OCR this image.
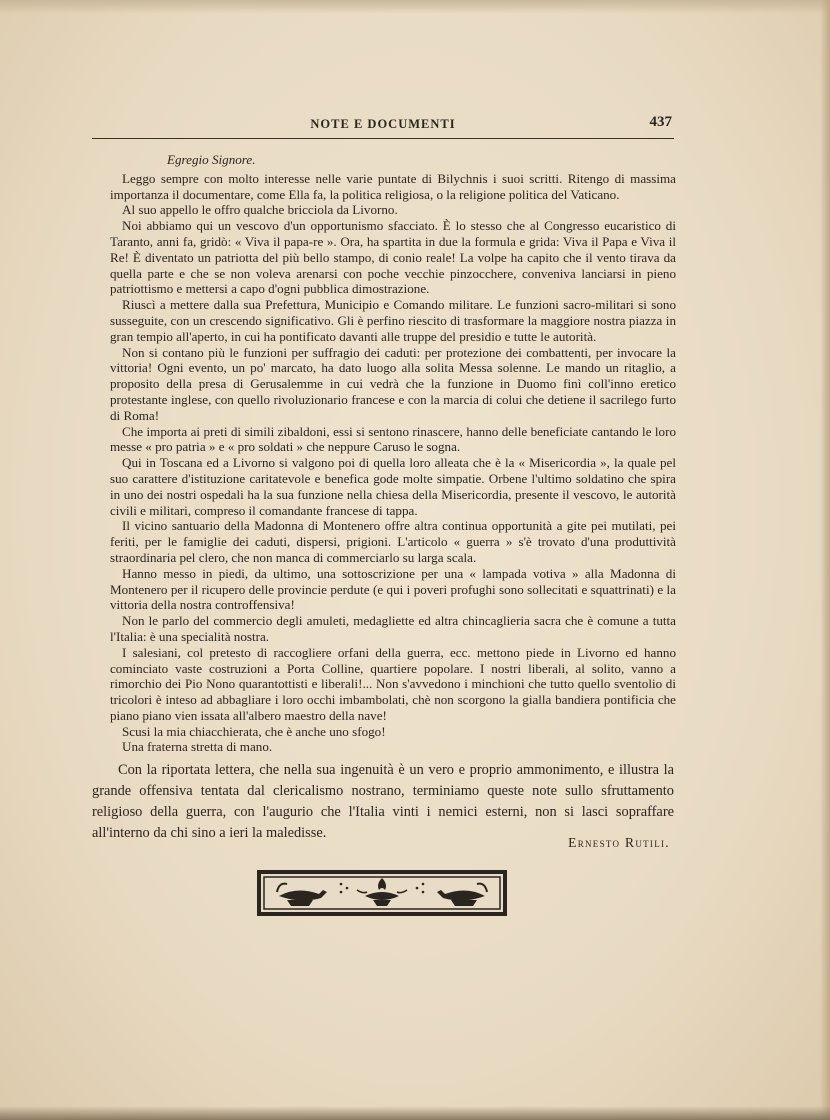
NOTE E DOCUMENTI	437
Egregio Signore.

Leggo sempre con molto interesse nelle varie puntate di Bilychnis i suoi scritti. Ritengo di massima importanza il documentare, come Ella fa, la politica religiosa, o la religione politica del Vaticano.

Al suo appello le offro qualche bricciola da Livorno.

Noi abbiamo qui un vescovo d'un opportunismo sfacciato. È lo stesso che al Congresso eucaristico di Taranto, anni fa, gridò: « Viva il papa-re ». Ora, ha spartita in due la formula e grida: Viva il Papa e Viva il Re! È diventato un patriotta del più bello stampo, di conio reale! La volpe ha capito che il vento tirava da quella parte e che se non voleva arenarsi con poche vecchie pinzocchere, conveniva lanciarsi in pieno patriottismo e mettersi a capo d'ogni pubblica dimostrazione.

Riuscì a mettere dalla sua Prefettura, Municipio e Comando militare. Le funzioni sacro-militari si sono susseguite, con un crescendo significativo. Gli è perfino riescito di trasformare la maggiore nostra piazza in gran tempio all'aperto, in cui ha pontificato davanti alle truppe del presidio e tutte le autorità.

Non si contano più le funzioni per suffragio dei caduti: per protezione dei combattenti, per invocare la vittoria! Ogni evento, un po' marcato, ha dato luogo alla solita Messa solenne. Le mando un ritaglio, a proposito della presa di Gerusalemme in cui vedrà che la funzione in Duomo finì coll'inno eretico protestante inglese, con quello rivoluzionario francese e con la marcia di colui che detiene il sacrilego furto di Roma!

Che importa ai preti di simili zibaldoni, essi si sentono rinascere, hanno delle beneficiate cantando le loro messe « pro patria » e « pro soldati » che neppure Caruso le sogna.

Qui in Toscana ed a Livorno si valgono poi di quella loro alleata che è la « Misericordia », la quale pel suo carattere d'istituzione caritatevole e benefica gode molte simpatie. Orbene l'ultimo soldatino che spira in uno dei nostri ospedali ha la sua funzione nella chiesa della Misericordia, presente il vescovo, le autorità civili e militari, compreso il comandante francese di tappa.

Il vicino santuario della Madonna di Montenero offre altra continua opportunità a gite pei mutilati, pei feriti, per le famiglie dei caduti, dispersi, prigioni. L'articolo « guerra » s'è trovato d'una produttività straordinaria pel clero, che non manca di commerciarlo su larga scala.

Hanno messo in piedi, da ultimo, una sottoscrizione per una « lampada votiva » alla Madonna di Montenero per il ricupero delle provincie perdute (e qui i poveri profughi sono sollecitati e squattrinati) e la vittoria della nostra controffensiva!

Non le parlo del commercio degli amuleti, medagliette ed altra chincaglieria sacra che è comune a tutta l'Italia: è una specialità nostra.

I salesiani, col pretesto di raccogliere orfani della guerra, ecc. mettono piede in Livorno ed hanno cominciato vaste costruzioni a Porta Colline, quartiere popolare. I nostri liberali, al solito, vanno a rimorchio dei Pio Nono quarantottisti e liberali!... Non s'avvedono i minchioni che tutto quello sventolio di tricolori è inteso ad abbagliare i loro occhi imbambolati, chè non scorgono la gialla bandiera pontificia che piano piano vien issata all'albero maestro della nave!

Scusi la mia chiacchierata, che è anche uno sfogo!

Una fraterna stretta di mano.

Con la riportata lettera, che nella sua ingenuità è un vero e proprio ammonimento, e illustra la grande offensiva tentata dal clericalismo nostrano, terminiamo queste note sullo sfruttamento religioso della guerra, con l'augurio che l'Italia vinti i nemici esterni, non si lasci sopraffare all'interno da chi sino a ieri la maledisse.

Ernesto Rutili.
